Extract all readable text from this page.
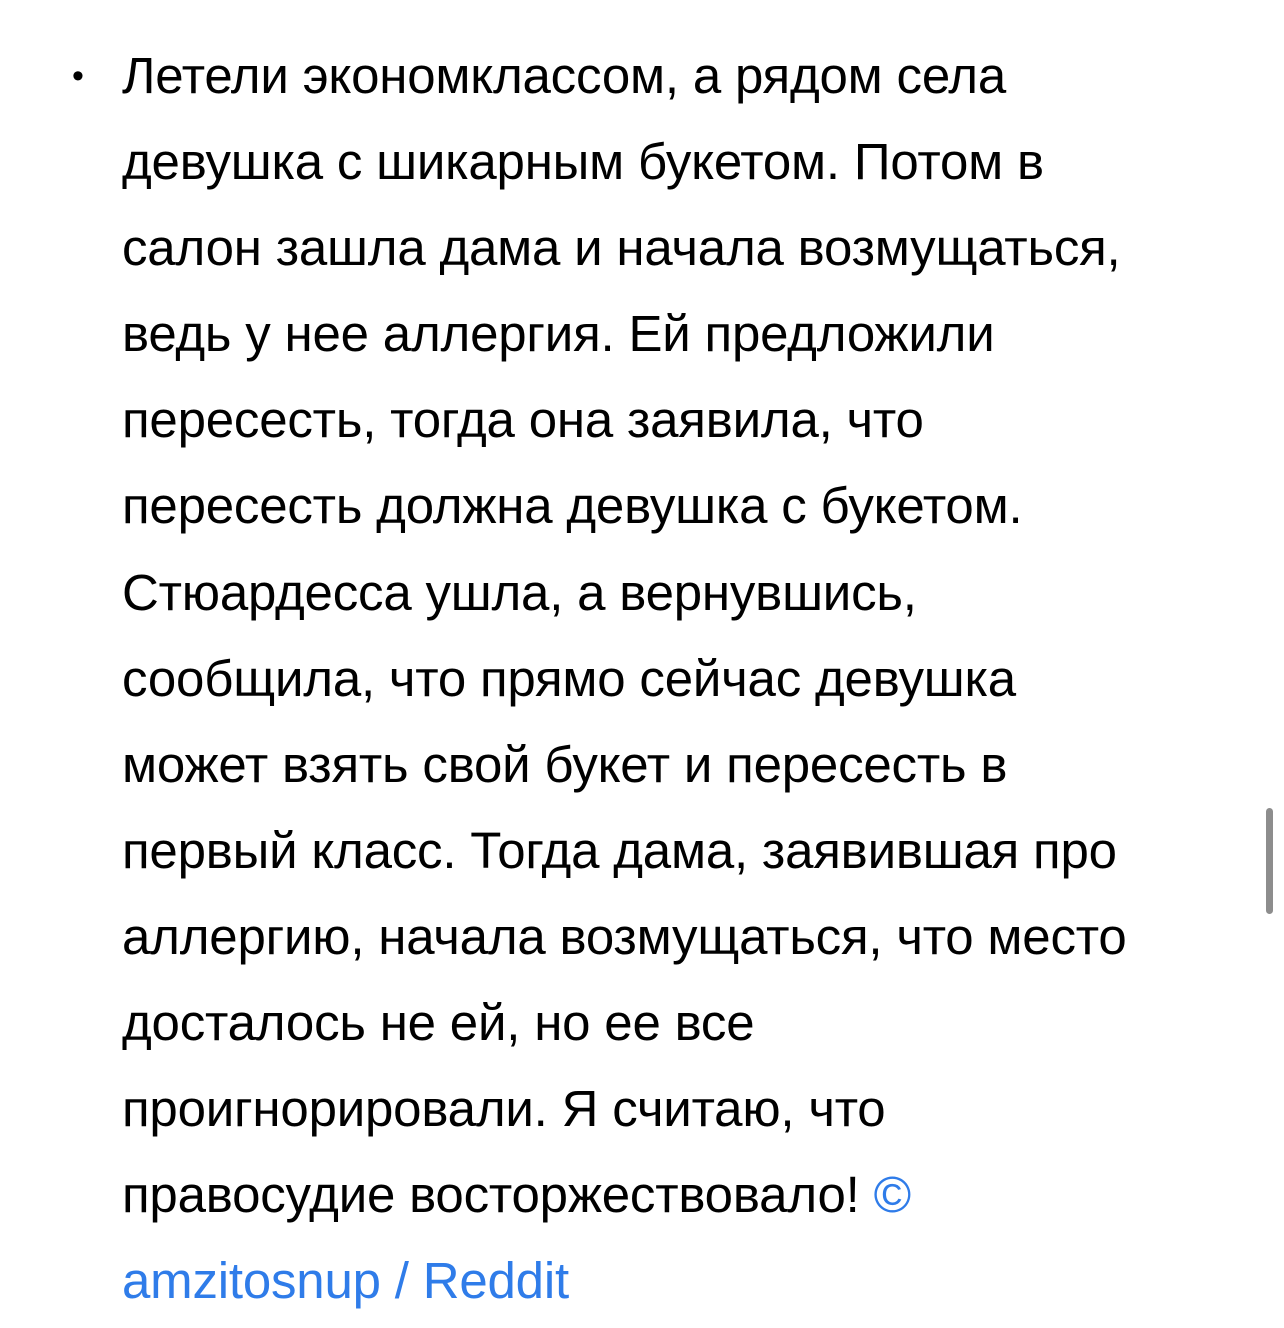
• Летели экономклассом, а рядом села
девушка с шикарным букетом. Потом в
салон зашла дама и начала возмущаться,
ведь у нее аллергия. Ей предложили
пересесть, тогда она заявила, что
пересесть должна девушка с букетом.
Стюардесса ушла, а вернувшись,
сообщила, что прямо сейчас девушка
может взять свой букет и пересесть в
первый класс. Тогда дама, заявившая про
аллергию, начала возмущаться, что место
досталось не ей, но ее все
проигнорировали. Я считаю, что
правосудие восторжествовало! ©
amzitosnup / Reddit
